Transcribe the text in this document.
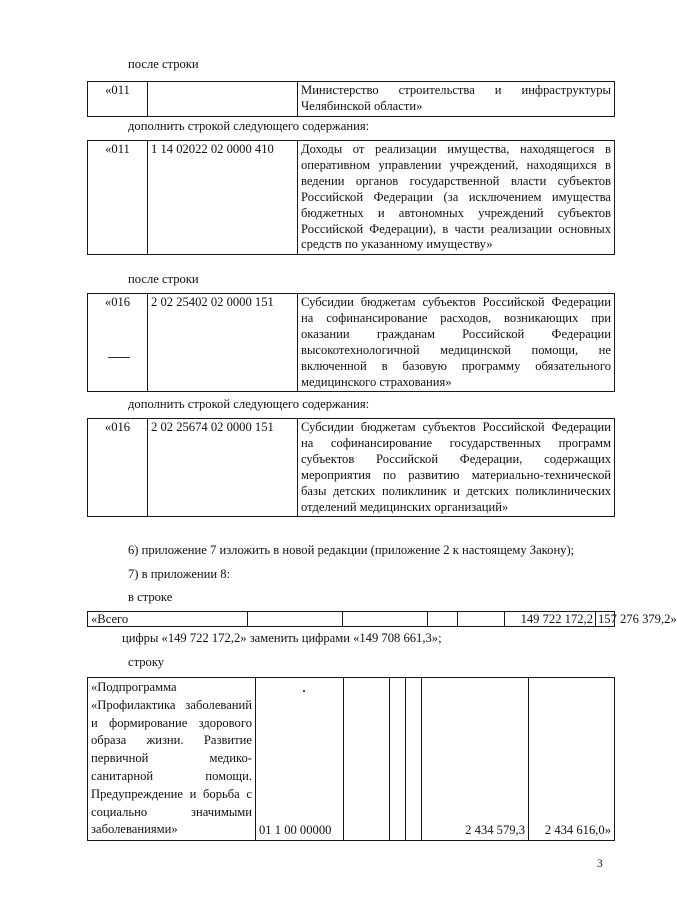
после строки
«011		Министерство строительства и инфраструктуры Челябинской области»
дополнить строкой следующего содержания:
«011	1 14 02022 02 0000 410	Доходы от реализации имущества, находящегося в оперативном управлении учреждений, находящихся в ведении органов государственной власти субъектов Российской Федерации (за исключением имущества бюджетных и автономных учреждений субъектов Российской Федерации), в части реализации основных средств по указанному имуществу»
после строки
«016	2 02 25402 02 0000 151	Субсидии бюджетам субъектов Российской Федерации на софинансирование расходов, возникающих при оказании гражданам Российской Федерации высокотехнологичной медицинской помощи, не включенной в базовую программу обязательного медицинского страхования»
дополнить строкой следующего содержания:
«016	2 02 25674 02 0000 151	Субсидии бюджетам субъектов Российской Федерации на софинансирование государственных программ субъектов Российской Федерации, содержащих мероприятия по развитию материально-технической базы детских поликлиник и детских поликлинических отделений медицинских организаций»
6) приложение 7 изложить в новой редакции (приложение 2 к настоящему Закону);
7) в приложении 8:
в строке
«Всего					149 722 172,2	157 276 379,2»
цифры «149 722 172,2» заменить цифрами «149 708 661,3»;
строку
«Подпрограмма «Профилактика заболеваний и формирование здорового образа жизни. Развитие первичной медико-санитарной помощи. Предупреждение и борьба с социально значимыми заболеваниями»	01 1 00 00000				2 434 579,3	2 434 616,0»
3
